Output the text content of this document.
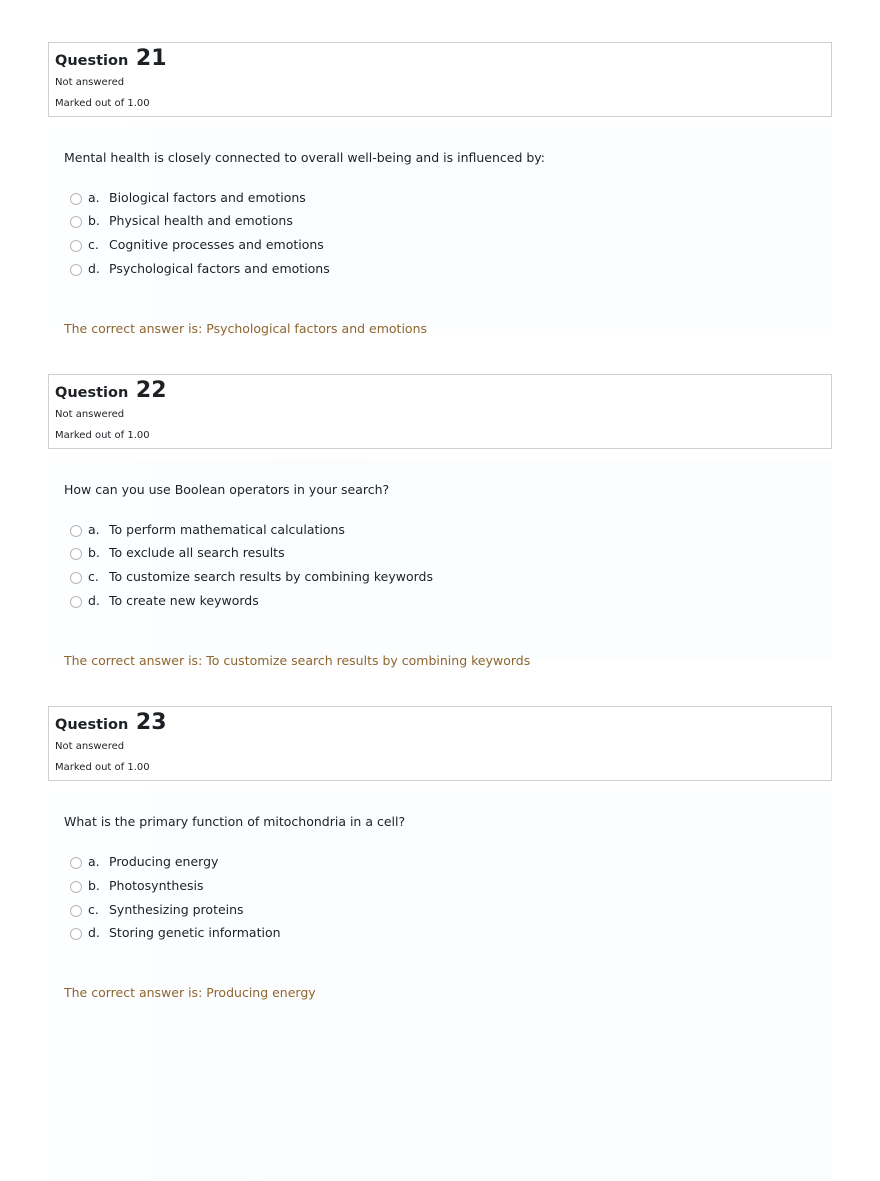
Question 21
Not answered
Marked out of 1.00
Mental health is closely connected to overall well-being and is influenced by:
a. Biological factors and emotions
b. Physical health and emotions
c. Cognitive processes and emotions
d. Psychological factors and emotions
The correct answer is: Psychological factors and emotions
Question 22
Not answered
Marked out of 1.00
How can you use Boolean operators in your search?
a. To perform mathematical calculations
b. To exclude all search results
c. To customize search results by combining keywords
d. To create new keywords
The correct answer is: To customize search results by combining keywords
Question 23
Not answered
Marked out of 1.00
What is the primary function of mitochondria in a cell?
a. Producing energy
b. Photosynthesis
c. Synthesizing proteins
d. Storing genetic information
The correct answer is: Producing energy
